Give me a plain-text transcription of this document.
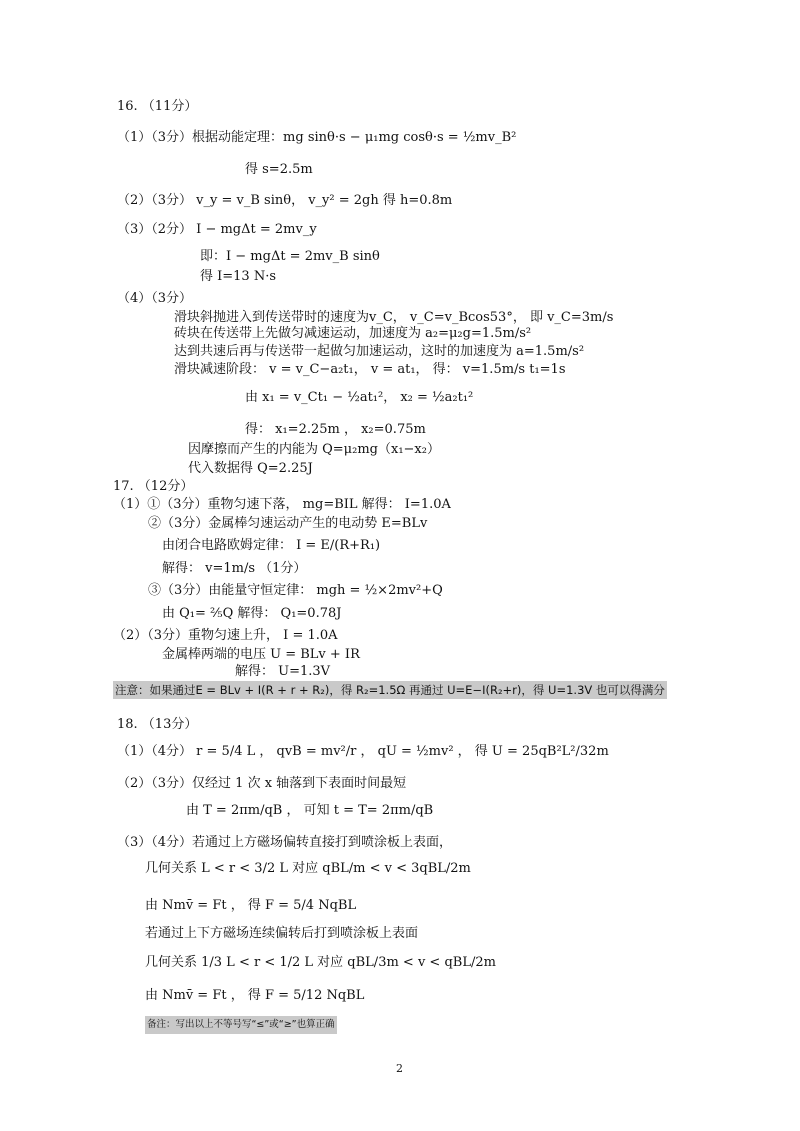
16. （11分）
（1）（3分）根据动能定理：mg sinθ·s − μ₁mg cosθ·s = ½mv_B²
得 s=2.5m
（2）（3分） v_y = v_B sinθ， v_y² = 2gh 得 h=0.8m
（3）（2分） I − mgΔt = 2mv_y
即：I − mgΔt = 2mv_B sinθ
得 I=13 N·s
（4）（3分）
滑块斜抛进入到传送带时的速度为v_C， v_C=v_Bcos53°， 即 v_C=3m/s
砖块在传送带上先做匀减速运动，加速度为 a₂=μ₂g=1.5m/s²
达到共速后再与传送带一起做匀加速运动，这时的加速度为 a=1.5m/s²
滑块减速阶段： v = v_C−a₂t₁， v = at₁， 得： v=1.5m/s t₁=1s
由 x₁ = v_Ct₁ − ½at₁²， x₂ = ½a₂t₁²
得： x₁=2.25m ， x₂=0.75m
因摩擦而产生的内能为 Q=μ₂mg（x₁−x₂）
代入数据得 Q=2.25J
17. （12分）
（1）①（3分）重物匀速下落， mg=BIL 解得： I=1.0A
②（3分）金属棒匀速运动产生的电动势 E=BLv
由闭合电路欧姆定律： I = E/(R+R₁)
解得： v=1m/s （1分）
③（3分）由能量守恒定律： mgh = ½×2mv²+Q
由 Q₁= ⅖Q 解得： Q₁=0.78J
（2）（3分）重物匀速上升， I = 1.0A
金属棒两端的电压 U = BLv + IR
解得： U=1.3V
注意：如果通过E = BLv + I(R + r + R₂)，得 R₂=1.5Ω 再通过 U=E−I(R₂+r)，得 U=1.3V 也可以得满分
18. （13分）
（1）（4分） r = 5/4 L ， qvB = mv²/r ， qU = ½mv² ， 得 U = 25qB²L²/32m
（2）（3分）仅经过 1 次 x 轴落到下表面时间最短
由 T = 2πm/qB ， 可知 t = T= 2πm/qB
（3）（4分）若通过上方磁场偏转直接打到喷涂板上表面，
几何关系 L < r < 3/2 L 对应 qBL/m < v < 3qBL/2m
由 Nmv̄ = Ft ， 得 F = 5/4 NqBL
若通过上下方磁场连续偏转后打到喷涂板上表面
几何关系 1/3 L < r < 1/2 L 对应 qBL/3m < v < qBL/2m
由 Nmv̄ = Ft ， 得 F = 5/12 NqBL
备注：写出以上不等号写“≤”或“≥”也算正确
2
